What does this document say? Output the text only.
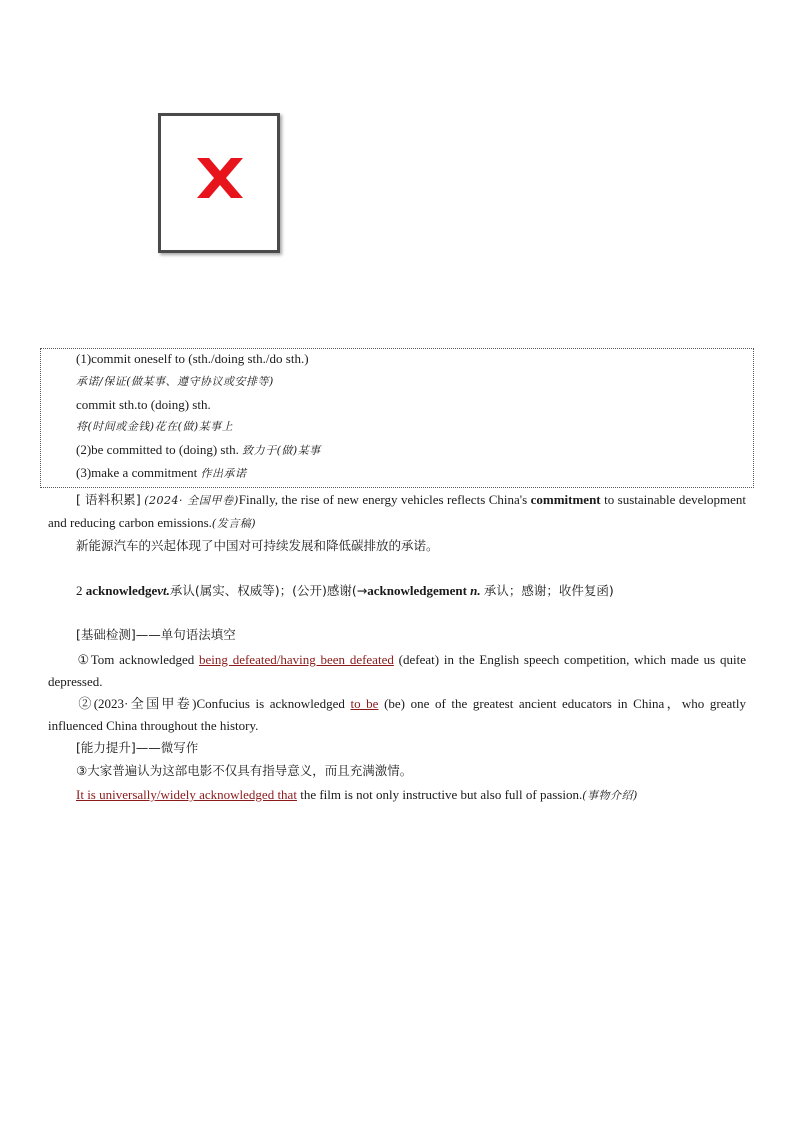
(1)commit oneself to (sth./doing sth./do sth.)
承诺/保证(做某事、遵守协议或安排等)
commit sth.to (doing) sth.
将(时间或金钱)花在(做)某事上
(2)be committed to (doing) sth. 致力于(做)某事
(3)make a commitment 作出承诺
[ 语料积累] (2024· 全国甲卷)Finally, the rise of new energy vehicles reflects China's commitment to sustainable development and reducing carbon emissions.(发言稿)
新能源汽车的兴起体现了中国对可持续发展和降低碳排放的承诺。
2 acknowledgevt.承认(属实、权威等)；(公开)感谢(→acknowledgement n. 承认；感谢；收件复函)
[基础检测]——单句语法填空
①Tom acknowledged being defeated/having been defeated (defeat) in the English speech competition, which made us quite depressed.
②(2023·全国甲卷)Confucius is acknowledged to be (be) one of the greatest ancient educators in China，who greatly influenced China throughout the history.
[能力提升]——微写作
③大家普遍认为这部电影不仅具有指导意义，而且充满激情。
It is universally/widely acknowledged that the film is not only instructive but also full of passion.(事物介绍)
